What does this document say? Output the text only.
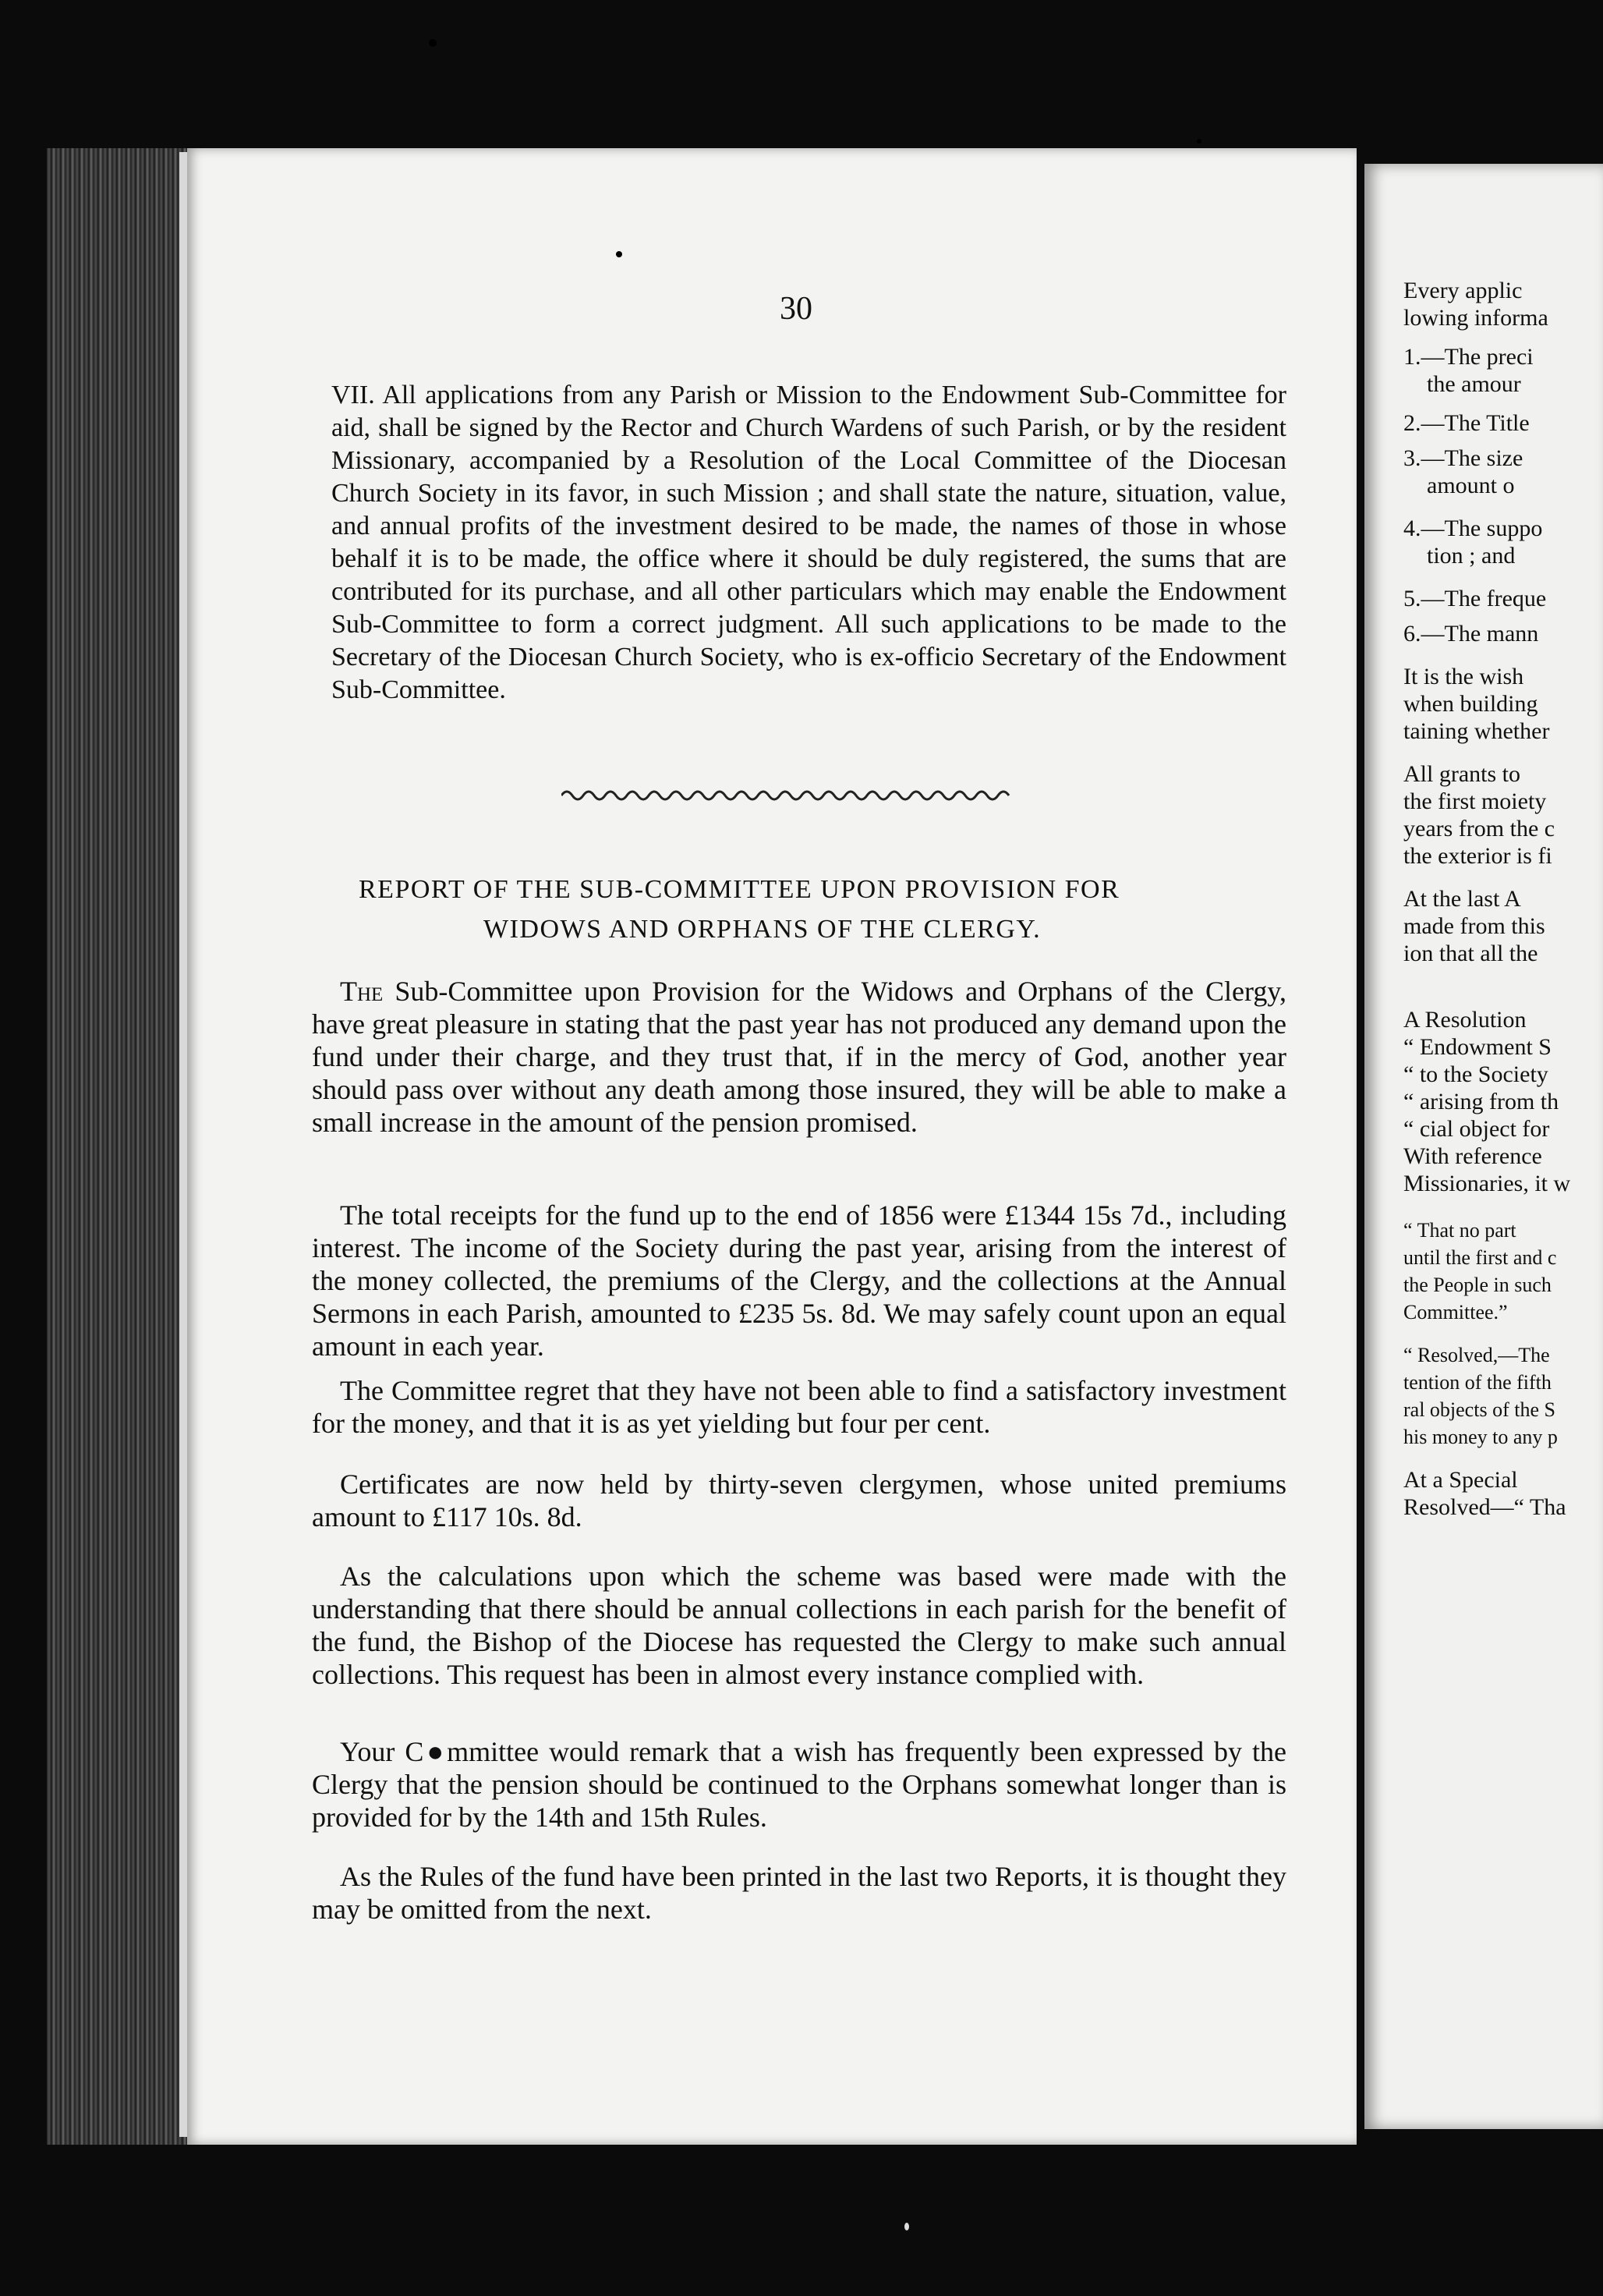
30
VII. All applications from any Parish or Mission to the Endowment Sub-Committee for aid, shall be signed by the Rector and Church Wardens of such Parish, or by the resident Missionary, accompanied by a Resolution of the Local Committee of the Diocesan Church Society in its favor, in such Mission ; and shall state the nature, situation, value, and annual profits of the investment desired to be made, the names of those in whose behalf it is to be made, the office where it should be duly registered, the sums that are contributed for its purchase, and all other particulars which may enable the Endowment Sub-Committee to form a correct judgment. All such applications to be made to the Secretary of the Diocesan Church Society, who is ex-officio Secretary of the Endowment Sub-Committee.
REPORT OF THE SUB-COMMITTEE UPON PROVISION FOR
WIDOWS AND ORPHANS OF THE CLERGY.
The Sub-Committee upon Provision for the Widows and Orphans of the Clergy, have great pleasure in stating that the past year has not produced any demand upon the fund under their charge, and they trust that, if in the mercy of God, another year should pass over without any death among those insured, they will be able to make a small increase in the amount of the pension promised.
The total receipts for the fund up to the end of 1856 were £1344 15s 7d., including interest. The income of the Society during the past year, arising from the interest of the money collected, the premiums of the Clergy, and the collections at the Annual Sermons in each Parish, amounted to £235 5s. 8d. We may safely count upon an equal amount in each year.
The Committee regret that they have not been able to find a satisfactory investment for the money, and that it is as yet yielding but four per cent.
Certificates are now held by thirty-seven clergymen, whose united premiums amount to £117 10s. 8d.
As the calculations upon which the scheme was based were made with the understanding that there should be annual collections in each parish for the benefit of the fund, the Bishop of the Diocese has requested the Clergy to make such annual collections. This request has been in almost every instance complied with.
Your C●mmittee would remark that a wish has frequently been expressed by the Clergy that the pension should be continued to the Orphans somewhat longer than is provided for by the 14th and 15th Rules.
As the Rules of the fund have been printed in the last two Reports, it is thought they may be omitted from the next.
Every applic
lowing informa
1.—The preci
the amour
2.—The Title
3.—The size
amount o
4.—The suppo
tion ; and
5.—The freque
6.—The mann
It is the wish
when building
taining whether
All grants to
the first moiety
years from the c
the exterior is fi
At the last A
made from this
ion that all the
A Resolution
“ Endowment S
“ to the Society
“ arising from th
“ cial object for
With reference
Missionaries, it w
“ That no part
until the first and c
the People in such
Committee.”
“ Resolved,—The
tention of the fifth
ral objects of the S
his money to any p
At a Special
Resolved—“ Tha
